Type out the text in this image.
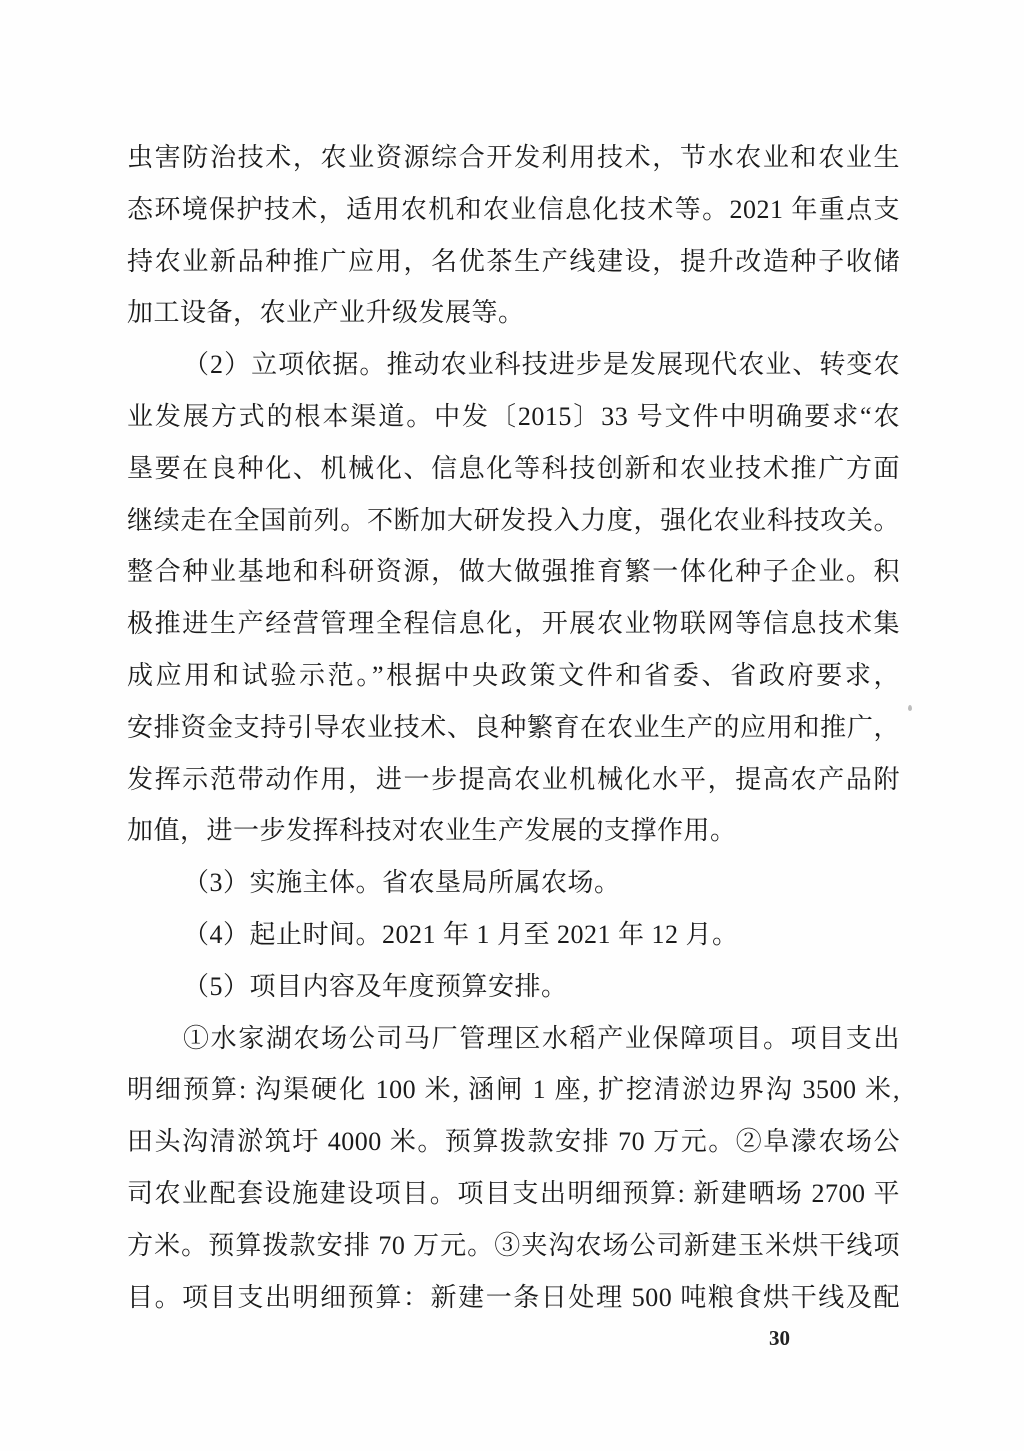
虫害防治技术，农业资源综合开发利用技术，节水农业和农业生
态环境保护技术，适用农机和农业信息化技术等。2021 年重点支
持农业新品种推广应用，名优茶生产线建设，提升改造种子收储
加工设备，农业产业升级发展等。
（2）立项依据。推动农业科技进步是发展现代农业、转变农
业发展方式的根本渠道。中发〔2015〕33 号文件中明确要求“农
垦要在良种化、机械化、信息化等科技创新和农业技术推广方面
继续走在全国前列。不断加大研发投入力度，强化农业科技攻关。
整合种业基地和科研资源，做大做强推育繁一体化种子企业。积
极推进生产经营管理全程信息化，开展农业物联网等信息技术集
成应用和试验示范。”根据中央政策文件和省委、省政府要求，
安排资金支持引导农业技术、良种繁育在农业生产的应用和推广，
发挥示范带动作用，进一步提高农业机械化水平，提高农产品附
加值，进一步发挥科技对农业生产发展的支撑作用。
（3）实施主体。省农垦局所属农场。
（4）起止时间。2021 年 1 月至 2021 年 12 月。
（5）项目内容及年度预算安排。
①水家湖农场公司马厂管理区水稻产业保障项目。项目支出
明细预算: 沟渠硬化 100 米, 涵闸 1 座, 扩挖清淤边界沟 3500 米,
田头沟清淤筑圩 4000 米。预算拨款安排 70 万元。②阜濛农场公
司农业配套设施建设项目。项目支出明细预算: 新建晒场 2700 平
方米。预算拨款安排 70 万元。③夹沟农场公司新建玉米烘干线项
目。项目支出明细预算：新建一条日处理 500 吨粮食烘干线及配
30
